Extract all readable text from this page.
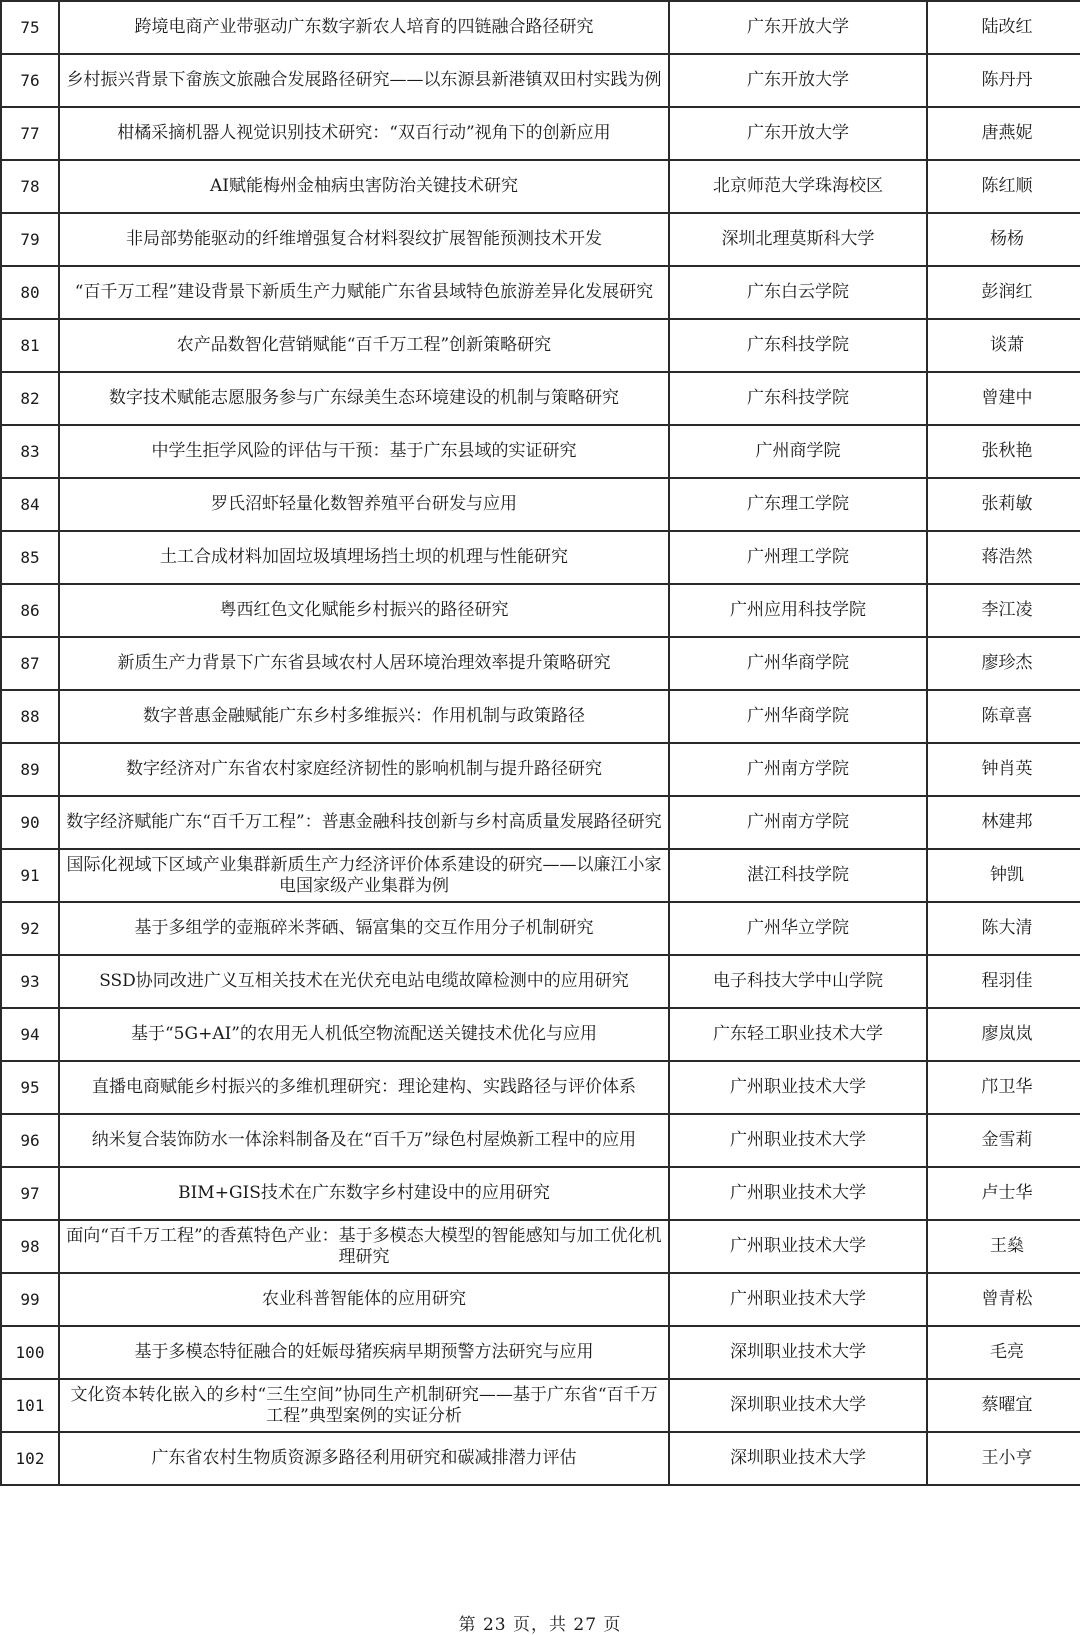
75	跨境电商产业带驱动广东数字新农人培育的四链融合路径研究	广东开放大学	陆改红
76	乡村振兴背景下畲族文旅融合发展路径研究——以东源县新港镇双田村实践为例	广东开放大学	陈丹丹
77	柑橘采摘机器人视觉识别技术研究：“双百行动”视角下的创新应用	广东开放大学	唐燕妮
78	AI赋能梅州金柚病虫害防治关键技术研究	北京师范大学珠海校区	陈红顺
79	非局部势能驱动的纤维增强复合材料裂纹扩展智能预测技术开发	深圳北理莫斯科大学	杨杨
80	“百千万工程”建设背景下新质生产力赋能广东省县域特色旅游差异化发展研究	广东白云学院	彭润红
81	农产品数智化营销赋能“百千万工程”创新策略研究	广东科技学院	谈萧
82	数字技术赋能志愿服务参与广东绿美生态环境建设的机制与策略研究	广东科技学院	曾建中
83	中学生拒学风险的评估与干预：基于广东县域的实证研究	广州商学院	张秋艳
84	罗氏沼虾轻量化数智养殖平台研发与应用	广东理工学院	张莉敏
85	土工合成材料加固垃圾填埋场挡土坝的机理与性能研究	广州理工学院	蒋浩然
86	粤西红色文化赋能乡村振兴的路径研究	广州应用科技学院	李江凌
87	新质生产力背景下广东省县域农村人居环境治理效率提升策略研究	广州华商学院	廖珍杰
88	数字普惠金融赋能广东乡村多维振兴：作用机制与政策路径	广州华商学院	陈章喜
89	数字经济对广东省农村家庭经济韧性的影响机制与提升路径研究	广州南方学院	钟肖英
90	数字经济赋能广东“百千万工程”：普惠金融科技创新与乡村高质量发展路径研究	广州南方学院	林建邦
91	国际化视域下区域产业集群新质生产力经济评价体系建设的研究——以廉江小家电国家级产业集群为例	湛江科技学院	钟凯
92	基于多组学的壶瓶碎米荠硒、镉富集的交互作用分子机制研究	广州华立学院	陈大清
93	SSD协同改进广义互相关技术在光伏充电站电缆故障检测中的应用研究	电子科技大学中山学院	程羽佳
94	基于“5G+AI”的农用无人机低空物流配送关键技术优化与应用	广东轻工职业技术大学	廖岚岚
95	直播电商赋能乡村振兴的多维机理研究：理论建构、实践路径与评价体系	广州职业技术大学	邝卫华
96	纳米复合装饰防水一体涂料制备及在“百千万”绿色村屋焕新工程中的应用	广州职业技术大学	金雪莉
97	BIM+GIS技术在广东数字乡村建设中的应用研究	广州职业技术大学	卢士华
98	面向“百千万工程”的香蕉特色产业：基于多模态大模型的智能感知与加工优化机理研究	广州职业技术大学	王燊
99	农业科普智能体的应用研究	广州职业技术大学	曾青松
100	基于多模态特征融合的妊娠母猪疾病早期预警方法研究与应用	深圳职业技术大学	毛亮
101	文化资本转化嵌入的乡村“三生空间”协同生产机制研究——基于广东省“百千万工程”典型案例的实证分析	深圳职业技术大学	蔡曜宜
102	广东省农村生物质资源多路径利用研究和碳减排潜力评估	深圳职业技术大学	王小亨
第 23 页，共 27 页
